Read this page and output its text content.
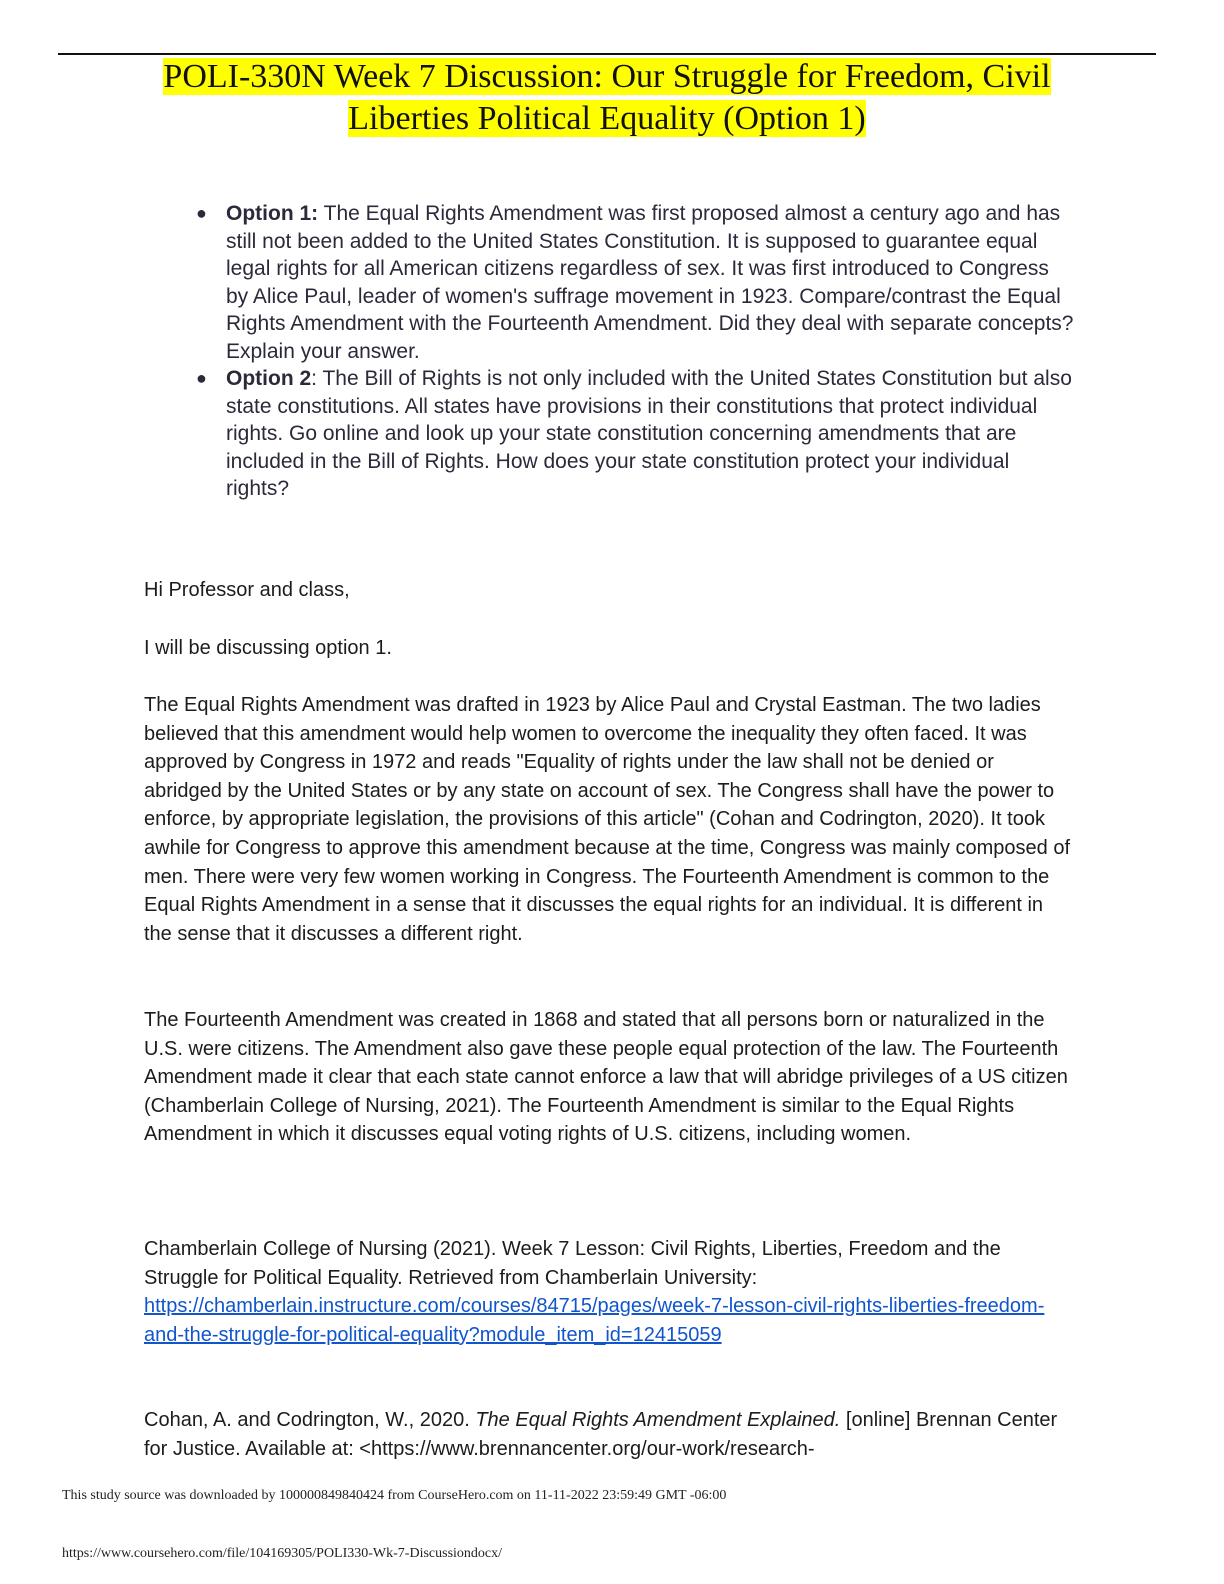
POLI-330N Week 7 Discussion: Our Struggle for Freedom, Civil
Liberties Political Equality (Option 1)
● Option 1: The Equal Rights Amendment was first proposed almost a century ago and has still not been added to the United States Constitution. It is supposed to guarantee equal legal rights for all American citizens regardless of sex. It was first introduced to Congress by Alice Paul, leader of women's suffrage movement in 1923. Compare/contrast the Equal Rights Amendment with the Fourteenth Amendment. Did they deal with separate concepts? Explain your answer.
● Option 2: The Bill of Rights is not only included with the United States Constitution but also state constitutions. All states have provisions in their constitutions that protect individual rights. Go online and look up your state constitution concerning amendments that are included in the Bill of Rights. How does your state constitution protect your individual rights?

Hi Professor and class,

I will be discussing option 1.

The Equal Rights Amendment was drafted in 1923 by Alice Paul and Crystal Eastman. The two ladies believed that this amendment would help women to overcome the inequality they often faced. It was approved by Congress in 1972 and reads "Equality of rights under the law shall not be denied or abridged by the United States or by any state on account of sex. The Congress shall have the power to enforce, by appropriate legislation, the provisions of this article" (Cohan and Codrington, 2020). It took awhile for Congress to approve this amendment because at the time, Congress was mainly composed of men. There were very few women working in Congress. The Fourteenth Amendment is common to the Equal Rights Amendment in a sense that it discusses the equal rights for an individual. It is different in the sense that it discusses a different right.

The Fourteenth Amendment was created in 1868 and stated that all persons born or naturalized in the U.S. were citizens. The Amendment also gave these people equal protection of the law. The Fourteenth Amendment made it clear that each state cannot enforce a law that will abridge privileges of a US citizen (Chamberlain College of Nursing, 2021). The Fourteenth Amendment is similar to the Equal Rights Amendment in which it discusses equal voting rights of U.S. citizens, including women.

Chamberlain College of Nursing (2021). Week 7 Lesson: Civil Rights, Liberties, Freedom and the Struggle for Political Equality. Retrieved from Chamberlain University: https://chamberlain.instructure.com/courses/84715/pages/week-7-lesson-civil-rights-liberties-freedom-and-the-struggle-for-political-equality?module_item_id=12415059

Cohan, A. and Codrington, W., 2020. The Equal Rights Amendment Explained. [online] Brennan Center for Justice. Available at: <https://www.brennancenter.org/our-work/research-

This study source was downloaded by 100000849840424 from CourseHero.com on 11-11-2022 23:59:49 GMT -06:00
https://www.coursehero.com/file/104169305/POLI330-Wk-7-Discussiondocx/
